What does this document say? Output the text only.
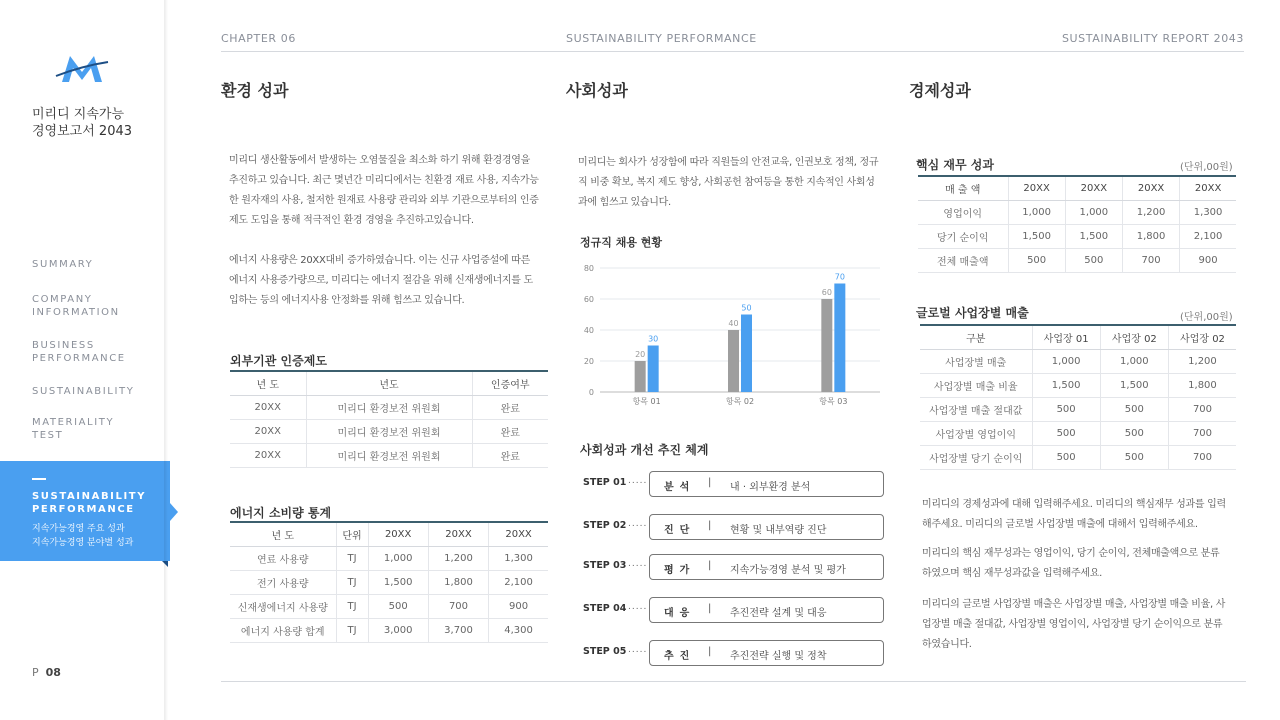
미리디 지속가능
경영보고서 2043
SUMMARY
COMPANY
INFORMATION
BUSINESS
PERFORMANCE
SUSTAINABILITY
MATERIALITY
TEST
SUSTAINABILITY
PERFORMANCE
지속가능경영 주요 성과
지속가능경영 분야별 성과
P 08
CHAPTER 06	SUSTAINABILITY PERFORMANCE	SUSTAINABILITY REPORT 2043
환경 성과
미리디 생산활동에서 발생하는 오염물질을 최소화 하기 위해 환경경영을
추진하고 있습니다. 최근 몇년간 미리디에서는 친환경 재료 사용, 지속가능
한 원자재의 사용, 철저한 원재료 사용량 관리와 외부 기관으로부터의 인증
제도 도입을 통해 적극적인 환경 경영을 추진하고있습니다.
에너지 사용량은 20XX대비 증가하였습니다. 이는 신규 사업증설에 따른
에너지 사용증가량으로, 미리디는 에너지 절감을 위해 신재생에너지를 도
입하는 등의 에너지사용 안정화를 위해 힘쓰고 있습니다.
외부기관 인증제도
년 도	년도	인증여부
20XX	미리디 환경보전 위원회	완료
20XX	미리디 환경보전 위원회	완료
20XX	미리디 환경보전 위원회	완료
에너지 소비량 통계
년 도	단위	20XX	20XX	20XX
연료 사용량	TJ	1,000	1,200	1,300
전기 사용량	TJ	1,500	1,800	2,100
신재생에너지 사용량	TJ	500	700	900
에너지 사용량 합계	TJ	3,000	3,700	4,300
사회성과
미리디는 회사가 성장함에 따라 직원들의 안전교육, 인권보호 정책, 정규
직 비중 확보, 복지 제도 향상, 사회공헌 참여등을 통한 지속적인 사회성
과에 힘쓰고 있습니다.
정규직 채용 현황
0
20
40
60
80
20
30
항목 01
40
50
항목 02
60
70
항목 03
사회성과 개선 추진 체계
STEP 01 .....
분석 | 내 · 외부환경 분석
STEP 02 .....
진단 | 현황 및 내부역량 진단
STEP 03 .....
평가 | 지속가능경영 분석 및 평가
STEP 04 .....
대응 | 추진전략 설계 및 대응
STEP 05 .....
추진 | 추진전략 실행 및 정착
경제성과
핵심 재무 성과	(단위,00원)
매 출 액	20XX	20XX	20XX	20XX
영업이익	1,000	1,000	1,200	1,300
당기 순이익	1,500	1,500	1,800	2,100
전체 매출액	500	500	700	900
글로벌 사업장별 매출	(단위,00원)
구분	사업장 01	사업장 02	사업장 02
사업장별 매출	1,000	1,000	1,200
사업장별 매출 비율	1,500	1,500	1,800
사업장별 매출 절대값	500	500	700
사업장별 영업이익	500	500	700
사업장별 당기 순이익	500	500	700
미리디의 경제성과에 대해 입력해주세요. 미리디의 핵심재무 성과를 입력
해주세요. 미리디의 글로벌 사업장별 매출에 대해서 입력해주세요.
미리디의 핵심 재무성과는 영업이익, 당기 순이익, 전체매출액으로 분류
하였으며 핵심 재무성과값을 입력해주세요.
미리디의 글로벌 사업장별 매출은 사업장별 매출, 사업장별 매출 비율, 사
업장별 매출 절대값, 사업장별 영업이익, 사업장별 당기 순이익으로 분류
하였습니다.
